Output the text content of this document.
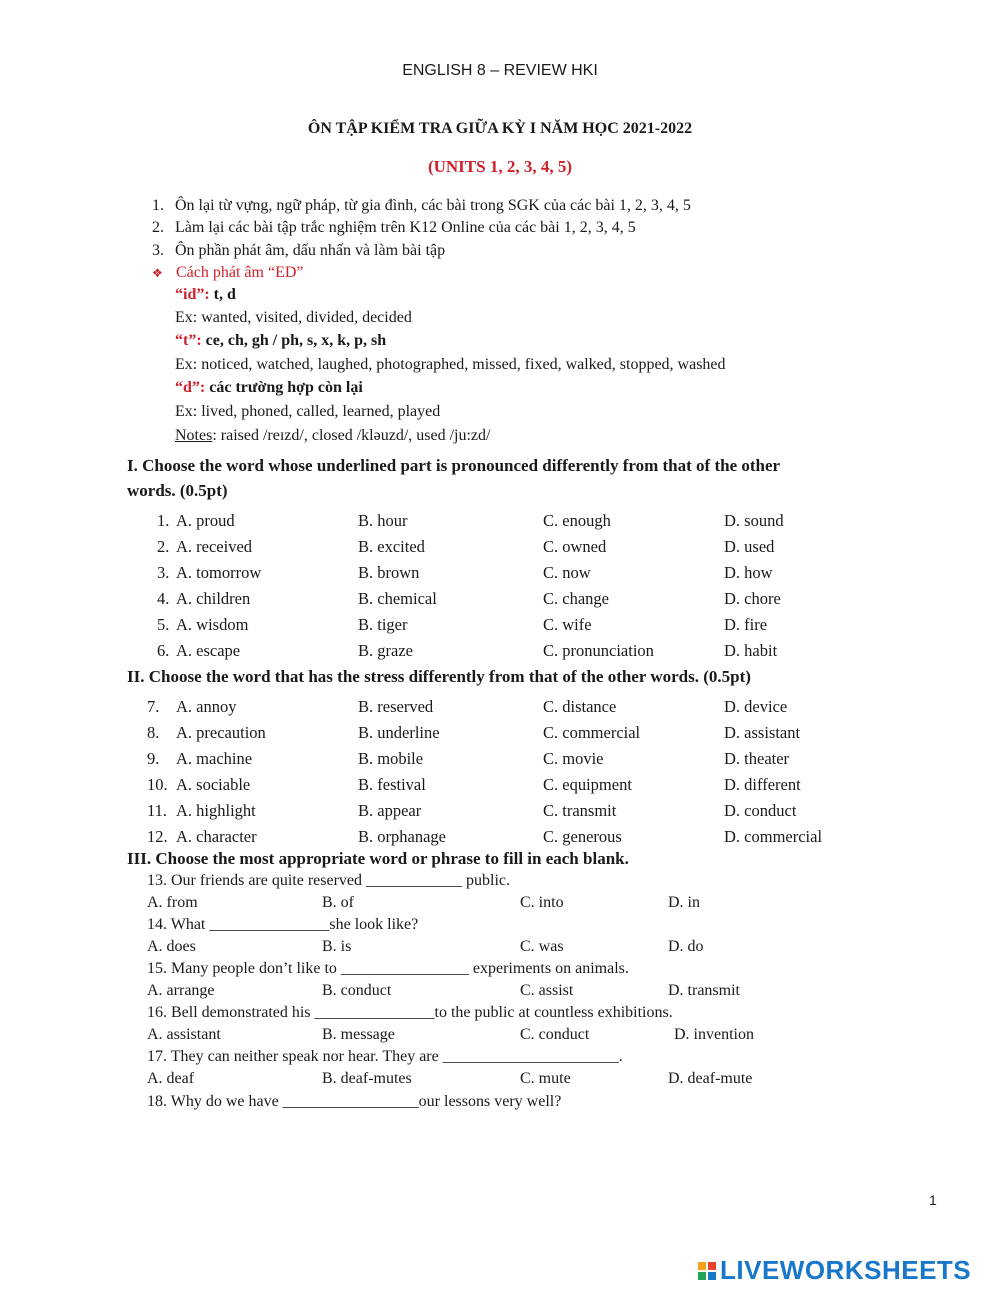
ENGLISH 8 – REVIEW HKI
ÔN TẬP KIỂM TRA GIỮA KỲ I NĂM HỌC 2021-2022
(UNITS 1, 2, 3, 4, 5)
1. Ôn lại từ vựng, ngữ pháp, từ gia đình, các bài trong SGK của các bài 1, 2, 3, 4, 5
2. Làm lại các bài tập trắc nghiệm trên K12 Online của các bài 1, 2, 3, 4, 5
3. Ôn phần phát âm, dấu nhấn và làm bài tập
❖ Cách phát âm “ED”
“id”: t, d
Ex: wanted, visited, divided, decided
“t”: ce, ch, gh / ph, s, x, k, p, sh
Ex: noticed, watched, laughed, photographed, missed, fixed, walked, stopped, washed
“d”: các trường hợp còn lại
Ex: lived, phoned, called, learned, played
Notes: raised /reɪzd/, closed /kləuzd/, used /ju:zd/
I. Choose the word whose underlined part is pronounced differently from that of the other
words. (0.5pt)
1. A. proud	B. hour	C. enough	D. sound
2. A. received	B. excited	C. owned	D. used
3. A. tomorrow	B. brown	C. now	D. how
4. A. children	B. chemical	C. change	D. chore
5. A. wisdom	B. tiger	C. wife	D. fire
6. A. escape	B. graze	C. pronunciation	D. habit
II. Choose the word that has the stress differently from that of the other words. (0.5pt)
7. A. annoy	B. reserved	C. distance	D. device
8. A. precaution	B. underline	C. commercial	D. assistant
9. A. machine	B. mobile	C. movie	D. theater
10. A. sociable	B. festival	C. equipment	D. different
11. A. highlight	B. appear	C. transmit	D. conduct
12. A. character	B. orphanage	C. generous	D. commercial
III. Choose the most appropriate word or phrase to fill in each blank.
13. Our friends are quite reserved ____________ public.
A. from	B. of	C. into	D. in
14. What _______________she look like?
A. does	B. is	C. was	D. do
15. Many people don’t like to ________________ experiments on animals.
A. arrange	B. conduct	C. assist	D. transmit
16. Bell demonstrated his _______________to the public at countless exhibitions.
A. assistant	B. message	C. conduct	D. invention
17. They can neither speak nor hear. They are ______________________.
A. deaf	B. deaf-mutes	C. mute	D. deaf-mute
18. Why do we have _________________our lessons very well?
1
LIVEWORKSHEETS
